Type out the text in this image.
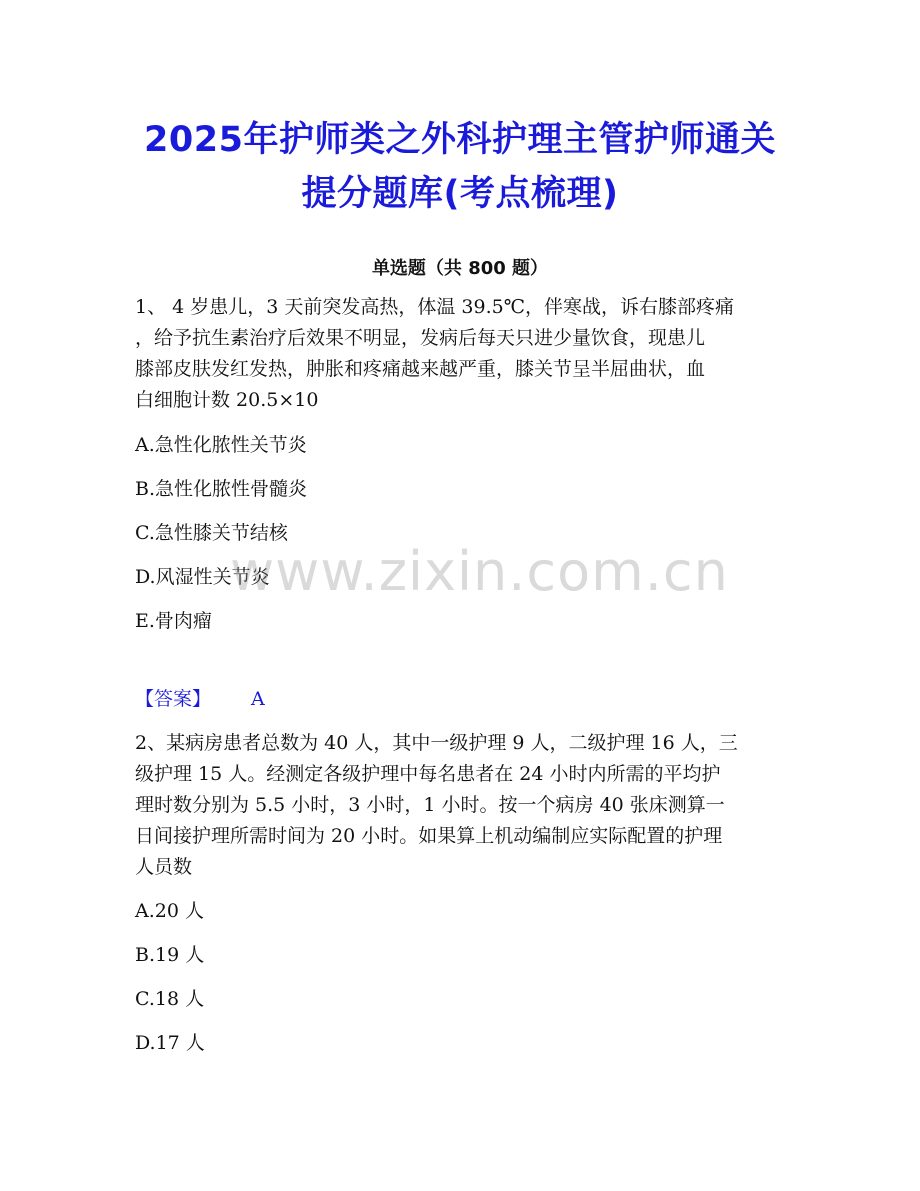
2025年护师类之外科护理主管护师通关
提分题库(考点梳理)
单选题（共 800 题）
1、 4 岁患儿，3 天前突发高热，体温 39.5℃，伴寒战，诉右膝部疼痛
，给予抗生素治疗后效果不明显，发病后每天只进少量饮食，现患儿
膝部皮肤发红发热，肿胀和疼痛越来越严重，膝关节呈半屈曲状，血
白细胞计数 20.5×10
A.急性化脓性关节炎
B.急性化脓性骨髓炎
C.急性膝关节结核
D.风湿性关节炎
E.骨肉瘤
【答案】 A
2、某病房患者总数为 40 人，其中一级护理 9 人，二级护理 16 人，三
级护理 15 人。经测定各级护理中每名患者在 24 小时内所需的平均护
理时数分别为 5.5 小时，3 小时，1 小时。按一个病房 40 张床测算一
日间接护理所需时间为 20 小时。如果算上机动编制应实际配置的护理
人员数
A.20 人
B.19 人
C.18 人
D.17 人
www.zixin.com.cn
